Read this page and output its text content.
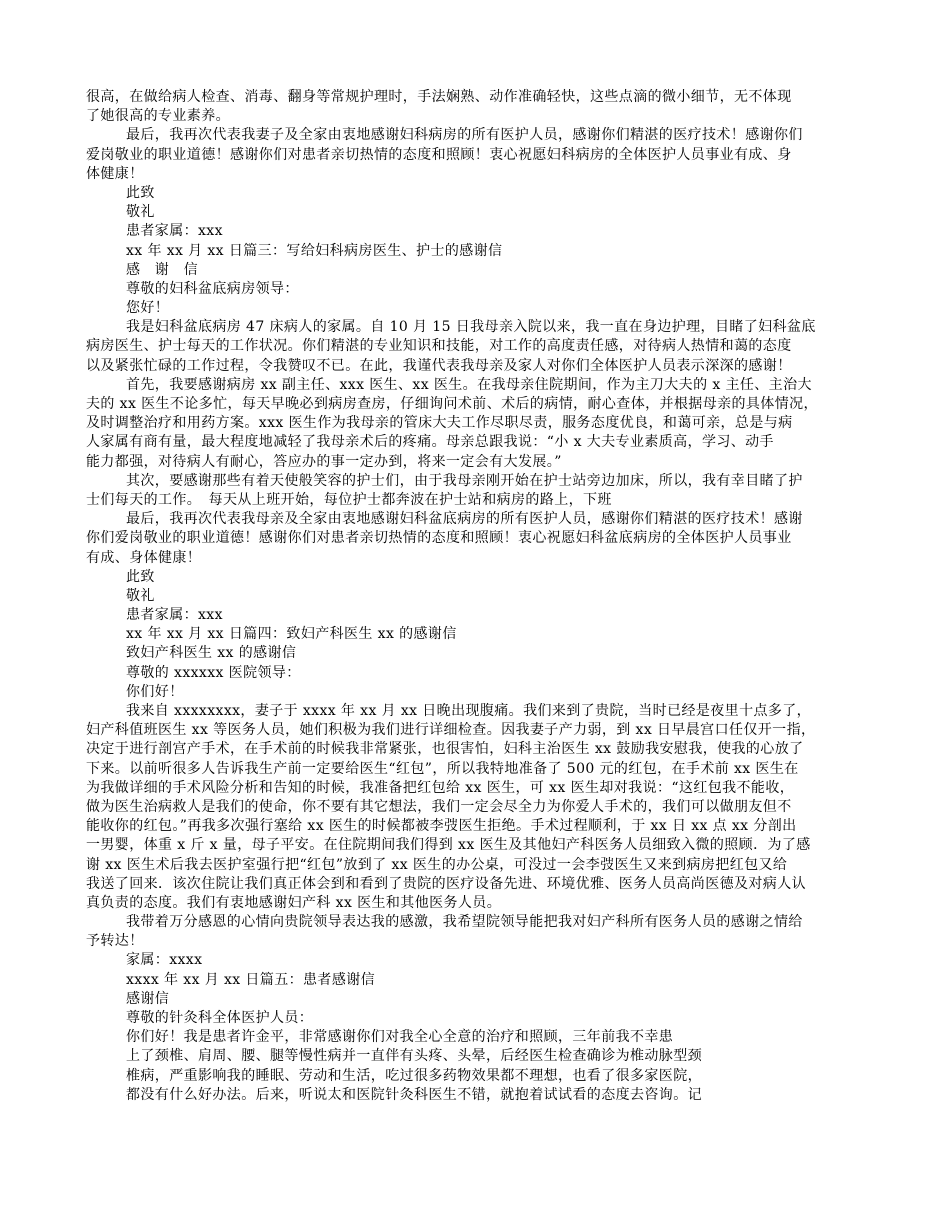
很高，在做给病人检查、消毒、翻身等常规护理时，手法娴熟、动作准确轻快，这些点滴的微小细节，无不体现
了她很高的专业素养。
最后，我再次代表我妻子及全家由衷地感谢妇科病房的所有医护人员，感谢你们精湛的医疗技术！感谢你们
爱岗敬业的职业道德！感谢你们对患者亲切热情的态度和照顾！衷心祝愿妇科病房的全体医护人员事业有成、身
体健康！
此致
敬礼
患者家属：xxx
xx 年 xx 月 xx 日篇三：写给妇科病房医生、护士的感谢信
感　谢　信
尊敬的妇科盆底病房领导：
您好！
我是妇科盆底病房 47 床病人的家属。自 10 月 15 日我母亲入院以来，我一直在身边护理，目睹了妇科盆底
病房医生、护士每天的工作状况。你们精湛的专业知识和技能，对工作的高度责任感，对待病人热情和蔼的态度
以及紧张忙碌的工作过程，令我赞叹不已。在此，我谨代表我母亲及家人对你们全体医护人员表示深深的感谢！
首先，我要感谢病房 xx 副主任、xxx 医生、xx 医生。在我母亲住院期间，作为主刀大夫的 x 主任、主治大
夫的 xx 医生不论多忙，每天早晚必到病房查房，仔细询问术前、术后的病情，耐心查体，并根据母亲的具体情况，
及时调整治疗和用药方案。xxx 医生作为我母亲的管床大夫工作尽职尽责，服务态度优良，和蔼可亲，总是与病
人家属有商有量，最大程度地减轻了我母亲术后的疼痛。母亲总跟我说：“小 x 大夫专业素质高，学习、动手
能力都强，对待病人有耐心，答应办的事一定办到，将来一定会有大发展。”
其次，要感谢那些有着天使般笑容的护士们，由于我母亲刚开始在护士站旁边加床，所以，我有幸目睹了护
士们每天的工作。　每天从上班开始，每位护士都奔波在护士站和病房的路上，下班
最后，我再次代表我母亲及全家由衷地感谢妇科盆底病房的所有医护人员，感谢你们精湛的医疗技术！感谢
你们爱岗敬业的职业道德！感谢你们对患者亲切热情的态度和照顾！衷心祝愿妇科盆底病房的全体医护人员事业
有成、身体健康！
此致
敬礼
患者家属：xxx
xx 年 xx 月 xx 日篇四：致妇产科医生 xx 的感谢信
致妇产科医生 xx 的感谢信
尊敬的 xxxxxx 医院领导：
你们好！
我来自 xxxxxxxx，妻子于 xxxx 年 xx 月 xx 日晚出现腹痛。我们来到了贵院，当时已经是夜里十点多了，
妇产科值班医生 xx 等医务人员，她们积极为我们进行详细检查。因我妻子产力弱，到 xx 日早晨宫口任仅开一指，
决定于进行剖宫产手术，在手术前的时候我非常紧张，也很害怕，妇科主治医生 xx 鼓励我安慰我，使我的心放了
下来。以前听很多人告诉我生产前一定要给医生“红包”，所以我特地准备了 500 元的红包，在手术前 xx 医生在
为我做详细的手术风险分析和告知的时候，我准备把红包给 xx 医生，可 xx 医生却对我说：“这红包我不能收，
做为医生治病救人是我们的使命，你不要有其它想法，我们一定会尽全力为你爱人手术的，我们可以做朋友但不
能收你的红包。”再我多次强行塞给 xx 医生的时候都被李弢医生拒绝。手术过程顺利，于 xx 日 xx 点 xx 分剖出
一男婴，体重 x 斤 x 量，母子平安。在住院期间我们得到 xx 医生及其他妇产科医务人员细致入微的照顾．为了感
谢 xx 医生术后我去医护室强行把“红包”放到了 xx 医生的办公桌，可没过一会李弢医生又来到病房把红包又给
我送了回来．该次住院让我们真正体会到和看到了贵院的医疗设备先进、环境优雅、医务人员高尚医德及对病人认
真负责的态度。我们有衷地感谢妇产科 xx 医生和其他医务人员。
我带着万分感恩的心情向贵院领导表达我的感激，我希望院领导能把我对妇产科所有医务人员的感谢之情给
予转达！
家属：xxxx
xxxx 年 xx 月 xx 日篇五：患者感谢信
感谢信
尊敬的针灸科全体医护人员：
你们好！我是患者许金平，非常感谢你们对我全心全意的治疗和照顾，三年前我不幸患
上了颈椎、肩周、腰、腿等慢性病并一直伴有头疼、头晕，后经医生检查确诊为椎动脉型颈
椎病，严重影响我的睡眠、劳动和生活，吃过很多药物效果都不理想，也看了很多家医院，
都没有什么好办法。后来，听说太和医院针灸科医生不错，就抱着试试看的态度去咨询。记
